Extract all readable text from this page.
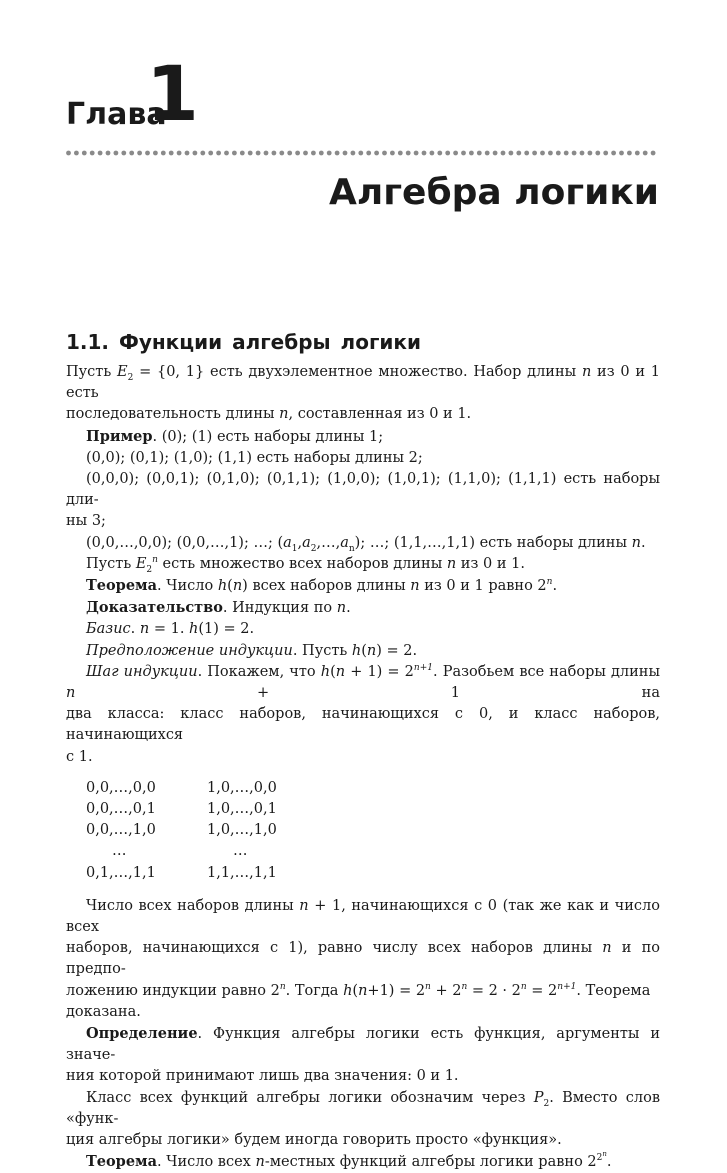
Глава
1
Алгебра логики
1.1. Функции алгебры логики

Пусть $E_2 = \{0$, 1} есть двухэлементное множество. Набор длины n из 0 и 1 есть

последовательность длины n, составленная из 0 и 1.

Пример. (0); (1) есть наборы длины 1;

(0,0); (0,1); (1,0); (1,1) есть наборы длины 2;

(0,0,0); (0,0,1); (0,1,0); (0,1,1); (1,0,0); (1,0,1); (1,1,0); (1,1,1) есть наборы дли-

ны 3;

(0,0,…,0,0); (0,0,…,1); …; $(a_1,a_2,\dots,a_n)$; …; (1,1,…,1,1) есть наборы длины n.

Пусть $E_2^n$ есть множество всех наборов длины n из 0 и 1.

Теорема. Число h(n) всех наборов длины n из 0 и 1 равно 2$^n$.

Доказательство. Индукция по n.

Базис. n = 1. h(1) = 2.

Предположение индукции. Пусть h(n) = 2.

Шаг индукции. Покажем, что $h(n + 1) = 2^{n+1}$. Разобьем все наборы длины n + 1 на

два класса: класс наборов, начинающихся с 0, и класс наборов, начинающихся

с 1.

0,0,…,0,0	1,0,…,0,0
0,0,…,0,1	1,0,…,0,1
0,0,…,1,0	1,0,…,1,0
…	…
0,1,…,1,1	1,1,…,1,1

Число всех наборов длины n + 1, начинающихся с 0 (так же как и число всех

наборов, начинающихся с 1), равно числу всех наборов длины n и по предпо-

ложению индукции равно 2$^n$. Тогда $h(n+1) = 2^n + 2^n = 2 \cdot 2^n = 2^{n+1}$. Теорема доказана.

Определение. Функция алгебры логики есть функция, аргументы и значе-

ния которой принимают лишь два значения: 0 и 1.

Класс всех функций алгебры логики обозначим через $P_2$. Вместо слов «функ-

ция алгебры логики» будем иногда говорить просто «функция».

Теорема. Число всех n-местных функций алгебры логики равно $2^{2^n}$.
